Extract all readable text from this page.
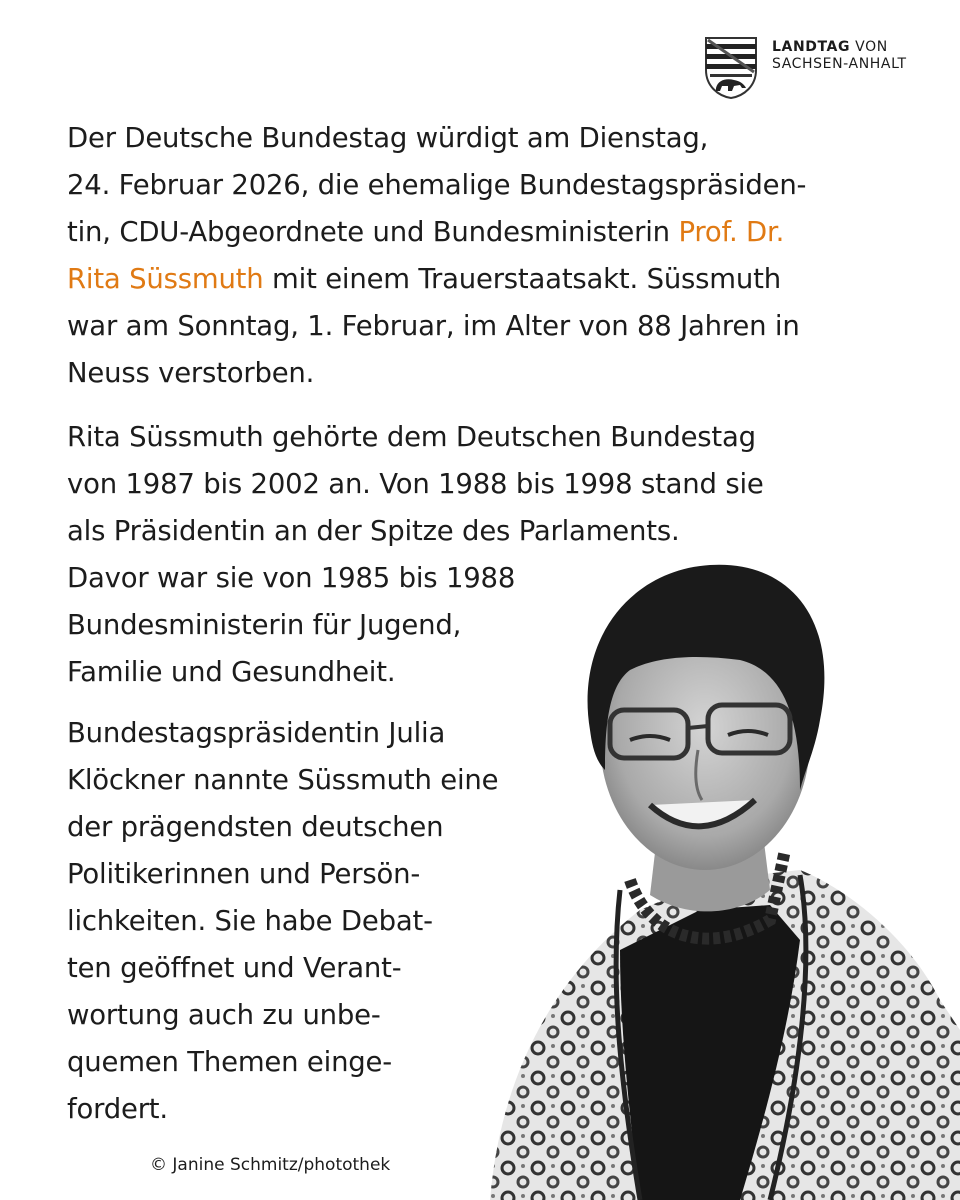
LANDTAG VON
SACHSEN-ANHALT
Der Deutsche Bundestag würdigt am Dienstag,
24. Februar 2026, die ehemalige Bundestagspräsiden-
tin, CDU-Abgeordnete und Bundesministerin Prof. Dr.
Rita Süssmuth mit einem Trauerstaatsakt. Süssmuth
war am Sonntag, 1. Februar, im Alter von 88 Jahren in
Neuss verstorben.
Rita Süssmuth gehörte dem Deutschen Bundestag
von 1987 bis 2002 an. Von 1988 bis 1998 stand sie
als Präsidentin an der Spitze des Parlaments.
Davor war sie von 1985 bis 1988
Bundesministerin für Jugend,
Familie und Gesundheit.
Bundestagspräsidentin Julia
Klöckner nannte Süssmuth eine
der prägendsten deutschen
Politikerinnen und Persön-
lichkeiten. Sie habe Debat-
ten geöffnet und Verant-
wortung auch zu unbe-
quemen Themen einge-
fordert.
© Janine Schmitz/photothek
